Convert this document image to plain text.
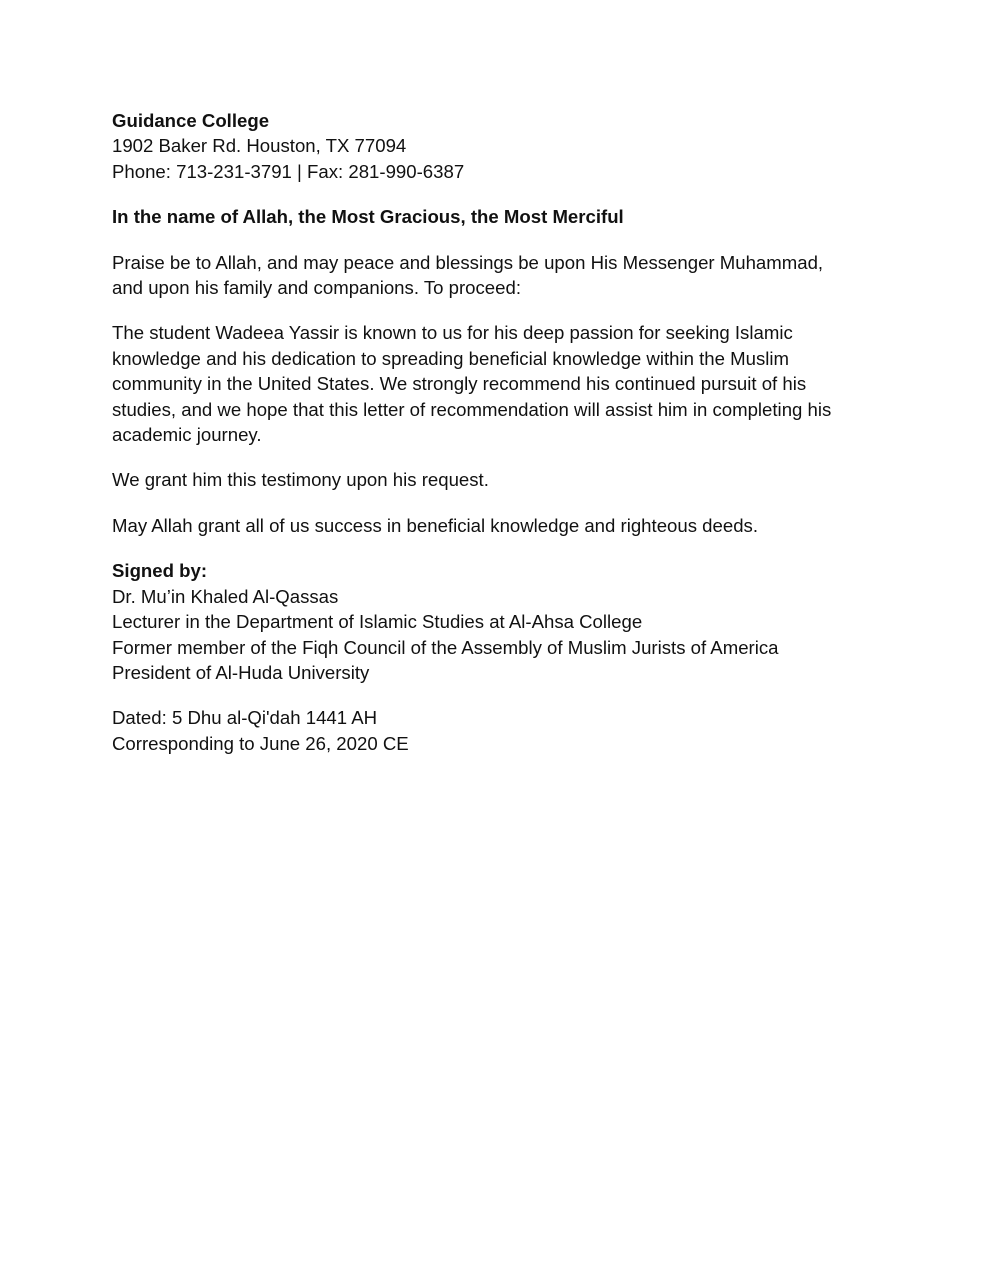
Guidance College
1902 Baker Rd. Houston, TX 77094
Phone: 713-231-3791 | Fax: 281-990-6387
In the name of Allah, the Most Gracious, the Most Merciful
Praise be to Allah, and may peace and blessings be upon His Messenger Muhammad,
and upon his family and companions. To proceed:
The student Wadeea Yassir is known to us for his deep passion for seeking Islamic
knowledge and his dedication to spreading beneficial knowledge within the Muslim
community in the United States. We strongly recommend his continued pursuit of his
studies, and we hope that this letter of recommendation will assist him in completing his
academic journey.
We grant him this testimony upon his request.
May Allah grant all of us success in beneficial knowledge and righteous deeds.
Signed by:
Dr. Mu’in Khaled Al-Qassas
Lecturer in the Department of Islamic Studies at Al-Ahsa College
Former member of the Fiqh Council of the Assembly of Muslim Jurists of America
President of Al-Huda University
Dated: 5 Dhu al-Qi'dah 1441 AH
Corresponding to June 26, 2020 CE
